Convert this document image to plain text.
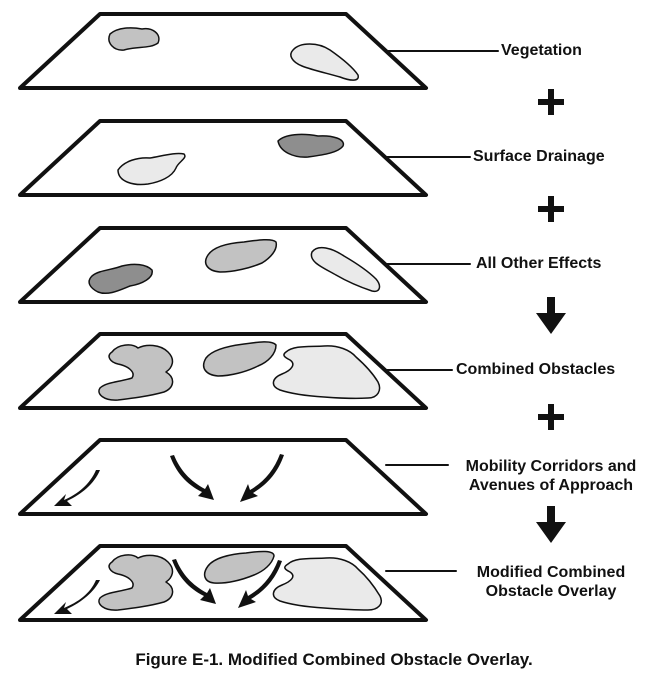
Vegetation
Surface Drainage
All Other Effects
Combined Obstacles
Mobility Corridors and
Avenues of Approach
Modified Combined
Obstacle Overlay
Figure E-1. Modified Combined Obstacle Overlay.
